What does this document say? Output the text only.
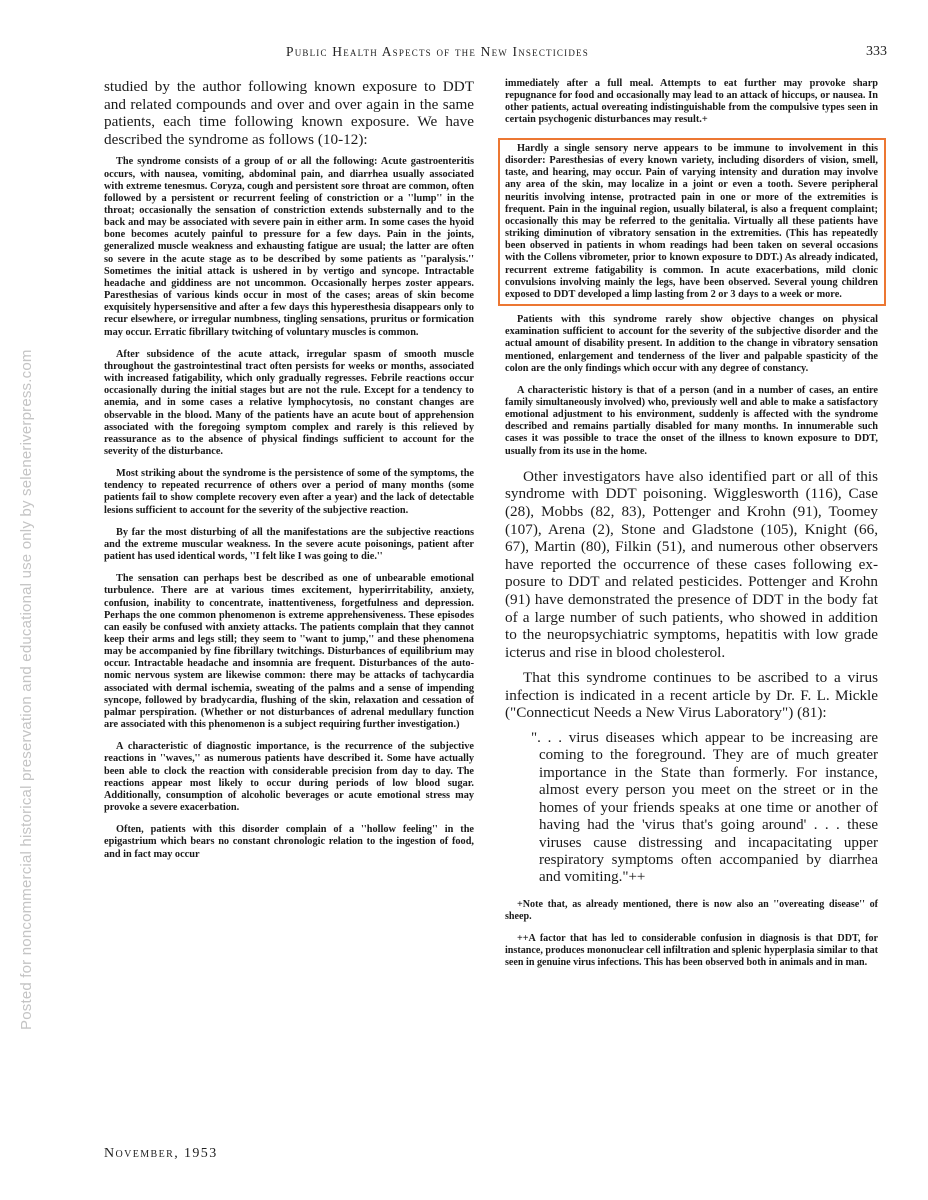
Posted for noncommercial historical preservation and educational use only by seleneriverpress.com
Public Health Aspects of the New Insecticides	333

studied by the author following known exposure to DDT and related compounds and over and over again in the same patients, each time following known exposure. We have described the syndrome as follows (10-12):

The syndrome consists of a group of or all the following: Acute gastroenteritis occurs, with nausea, vomiting, abdominal pain, and diarrhea usually associated with extreme tenesmus. Coryza, cough and persistent sore throat are common, often followed by a persistent or recurrent feeling of constriction or a ''lump'' in the throat; occasionally the sensation of constriction extends substernally and to the back and may be associated with severe pain in either arm. In some cases the hyoid bone becomes acutely painful to pressure for a few days. Pain in the joints, generalized muscle weakness and exhausting fatigue are usual; the latter are often so severe in the acute stage as to be described by some patients as ''paralysis.'' Sometimes the initial attack is ushered in by vertigo and syncope. Intractable headache and giddiness are not uncommon. Occasionally herpes zoster appears. Paresthesias of various kinds occur in most of the cases; areas of skin become exquisitely hypersensitive and after a few days this hyperesthesia disappears only to recur elsewhere, or irregular numbness, tingling sensations, pruritus or formication may occur. Erratic fibrillary twitching of voluntary muscles is common.

After subsidence of the acute attack, irregular spasm of smooth muscle throughout the gastrointestinal tract often persists for weeks or months, associated with increased fatigability, which only gradually regresses. Febrile reactions occur occasionally during the initial stages but are not the rule. Except for a tendency to anemia, and in some cases a relative lymphocytosis, no constant changes are observable in the blood. Many of the patients have an acute bout of apprehension associated with the foregoing symptom complex and rarely is this relieved by reassurance as to the absence of physical findings sufficient to account for the severity of the disturbance.

Most striking about the syndrome is the persistence of some of the symptoms, the tendency to repeated recurrence of others over a period of many months (some patients fail to show complete recovery even after a year) and the lack of detectable lesions sufficient to account for the severity of the subjective reaction.

By far the most disturbing of all the manifestations are the subjective reactions and the extreme muscular weakness. In the severe acute poisonings, patient after patient has used identical words, ''I felt like I was going to die.''

The sensation can perhaps best be described as one of unbearable emotional turbulence. There are at various times excitement, hyperirritability, anxiety, confusion, inability to concentrate, inattentiveness, forgetfulness and depression. Perhaps the one common phenomenon is extreme apprehensiveness. These episodes can easily be confused with anxiety attacks. The patients complain that they cannot keep their arms and legs still; they seem to ''want to jump,'' and these phenomena may be accompanied by fine fibrillary twitchings. Disturbances of equilibrium may occur. Intractable headache and insomnia are frequent. Disturbances of the autonomic nervous system are likewise common: there may be attacks of tachycardia associated with dermal ischemia, sweating of the palms and a sense of impending syncope, followed by bradycardia, flushing of the skin, relaxation and cessation of palmar perspiration. (Whether or not disturbances of adrenal medullary function are associated with this phenomenon is a subject requiring further investigation.)

A characteristic of diagnostic importance, is the recurrence of the subjective reactions in ''waves,'' as numerous patients have described it. Some have actually been able to clock the reaction with considerable precision from day to day. The reactions appear most likely to occur during periods of low blood sugar. Additionally, consumption of alcoholic beverages or acute emotional stress may provoke a severe exacerbation.

Often, patients with this disorder complain of a ''hollow feeling'' in the epigastrium which bears no constant chronologic relation to the ingestion of food, and in fact may occur

immediately after a full meal. Attempts to eat further may provoke sharp repugnance for food and occasionally may lead to an attack of hiccups, or nausea. In other patients, actual overeating indistinguishable from the compulsive types seen in certain psychogenic disturbances may result.+

Hardly a single sensory nerve appears to be immune to involvement in this disorder: Paresthesias of every known variety, including disorders of vision, smell, taste, and hearing, may occur. Pain of varying intensity and duration may involve any area of the skin, may localize in a joint or even a tooth. Severe peripheral neuritis involving intense, protracted pain in one or more of the extremities is frequent. Pain in the inguinal region, usually bilateral, is also a frequent complaint; occasionally this may be referred to the genitalia. Virtually all these patients have striking diminution of vibratory sensation in the extremities. (This has repeatedly been observed in patients in whom readings had been taken on several occasions with the Collens vibrometer, prior to known exposure to DDT.) As already indicated, recurrent extreme fatigability is common. In acute exacerbations, mild clonic convulsions involving mainly the legs, have been observed. Several young children exposed to DDT developed a limp lasting from 2 or 3 days to a week or more.

Patients with this syndrome rarely show objective changes on physical examination sufficient to account for the severity of the subjective disorder and the actual amount of disability present. In addition to the change in vibratory sensation mentioned, enlargement and tenderness of the liver and palpable spasticity of the colon are the only findings which occur with any degree of constancy.

A characteristic history is that of a person (and in a number of cases, an entire family simultaneously involved) who, previously well and able to make a satisfactory emotional adjustment to his environment, suddenly is affected with the syndrome described and remains partially disabled for many months. In innumerable such cases it was possible to trace the onset of the illness to known exposure to DDT, usually from its use in the home.

Other investigators have also identified part or all of this syndrome with DDT poisoning. Wigglesworth (116), Case (28), Mobbs (82, 83), Pottenger and Krohn (91), Toomey (107), Arena (2), Stone and Gladstone (105), Knight (66, 67), Martin (80), Filkin (51), and numerous other observers have reported the occurrence of these cases following exposure to DDT and related pesticides. Pottenger and Krohn (91) have demonstrated the presence of DDT in the body fat of a large number of such patients, who showed in addition to the neuropsychiatric symptoms, hepatitis with low grade icterus and rise in blood cholesterol.

That this syndrome continues to be ascribed to a virus infection is indicated in a recent article by Dr. F. L. Mickle ("Connecticut Needs a New Virus Laboratory") (81):

". . . virus diseases which appear to be increasing are coming to the foreground. They are of much greater importance in the State than formerly. For instance, almost every person you meet on the street or in the homes of your friends speaks at one time or another of having had the 'virus that's going around' . . . these viruses cause distressing and incapacitating upper respiratory symptoms often accompanied by diarrhea and vomiting."++

+Note that, as already mentioned, there is now also an ''overeating disease'' of sheep.

++A factor that has led to considerable confusion in diagnosis is that DDT, for instance, produces mononuclear cell infiltration and splenic hyperplasia similar to that seen in genuine virus infections. This has been observed both in animals and in man.

November, 1953
